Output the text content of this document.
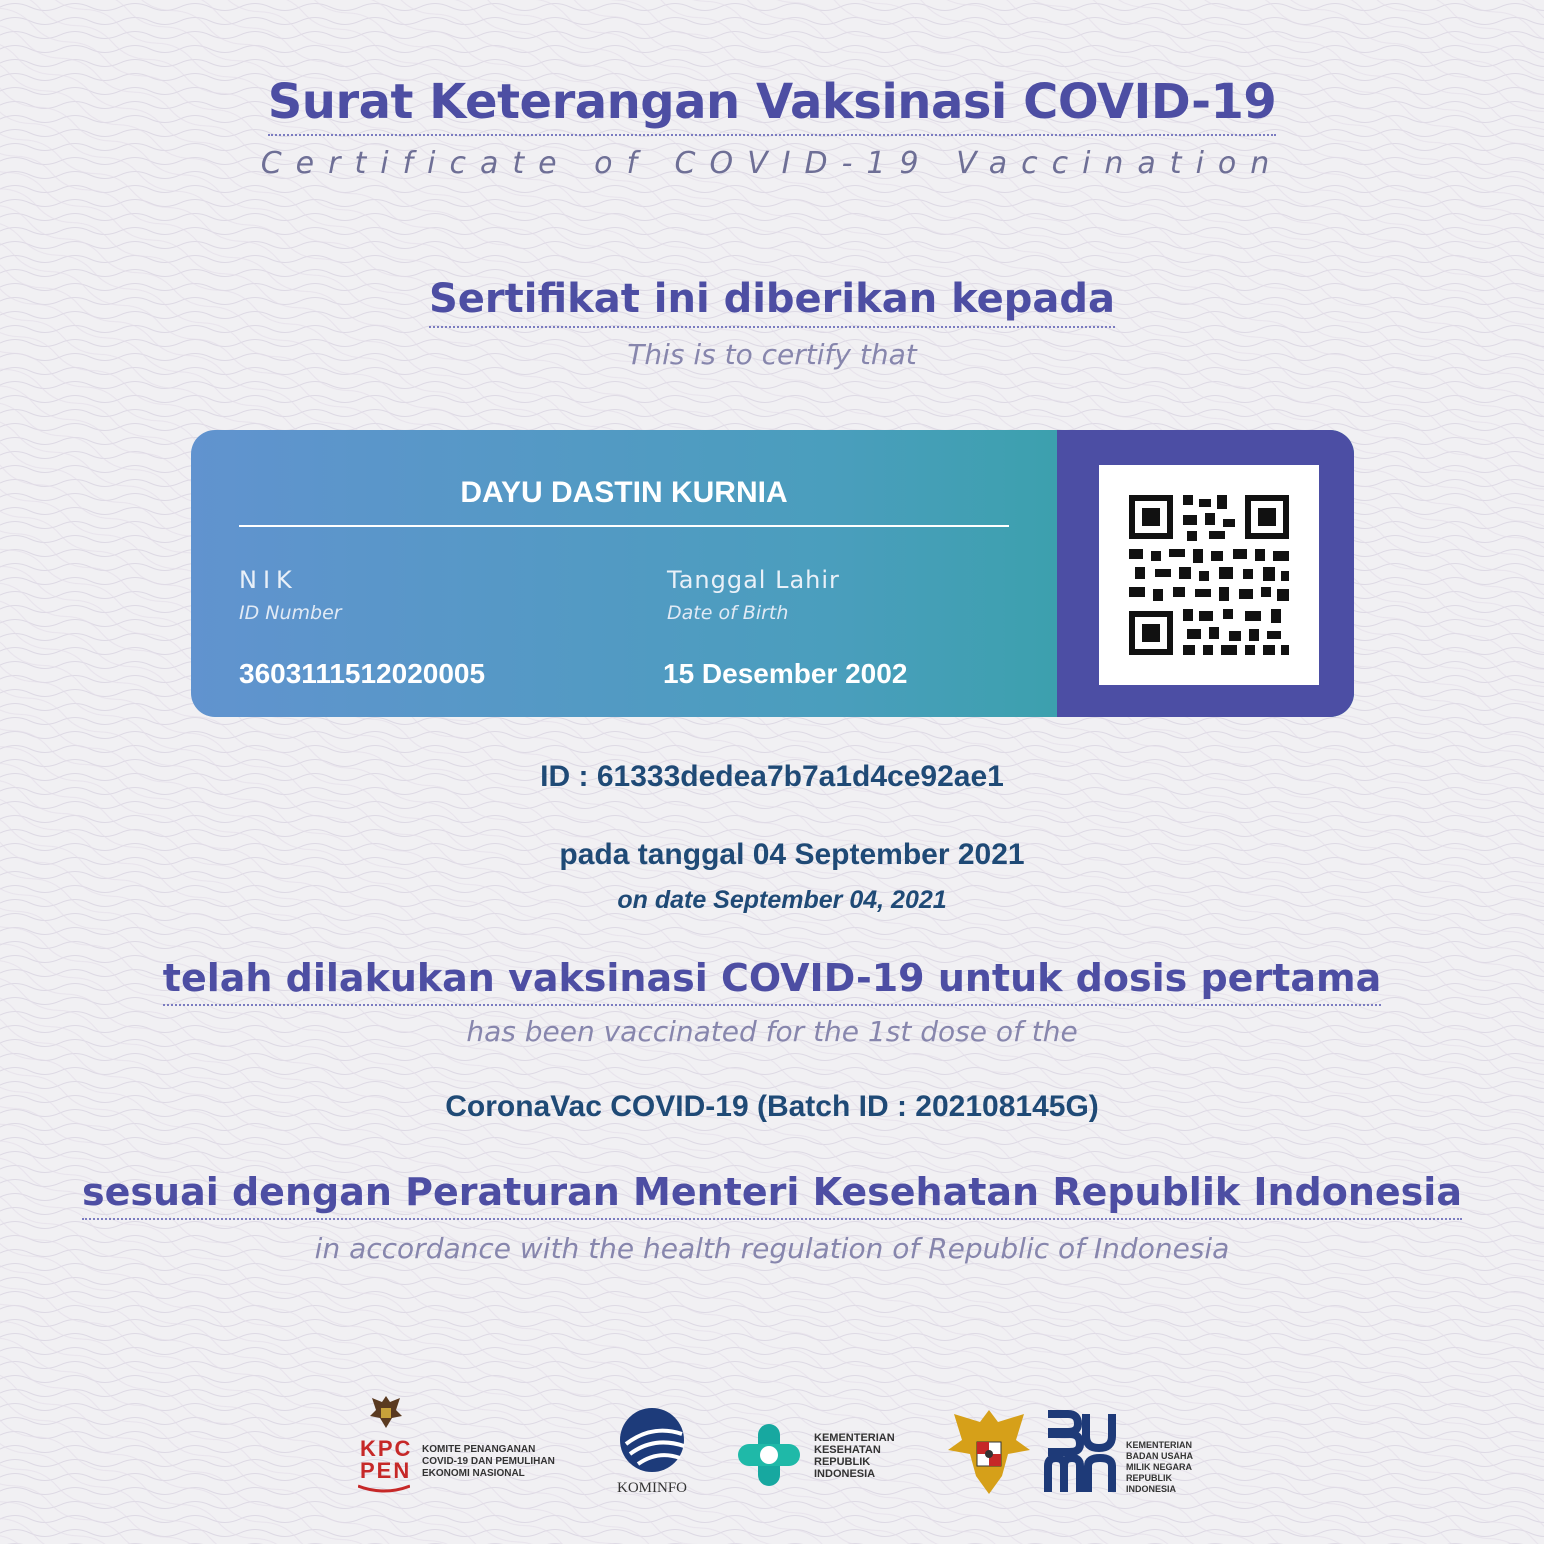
Surat Keterangan Vaksinasi COVID-19
Certificate of COVID-19 Vaccination
Sertifikat ini diberikan kepada
This is to certify that
DAYU DASTIN KURNIA
NIK
ID Number
3603111512020005
Tanggal Lahir
Date of Birth
15 Desember 2002
ID : 61333dedea7b7a1d4ce92ae1
pada tanggal 04 September 2021
on date September 04, 2021
telah dilakukan vaksinasi COVID-19 untuk dosis pertama
has been vaccinated for the 1st dose of the
CoronaVac COVID-19 (Batch ID : 202108145G)
sesuai dengan Peraturan Menteri Kesehatan Republik Indonesia
in accordance with the health regulation of Republic of Indonesia
KPC
PEN
KOMITE PENANGANAN
COVID-19 DAN PEMULIHAN
EKONOMI NASIONAL
KOMINFO
KEMENTERIAN
KESEHATAN
REPUBLIK
INDONESIA
KEMENTERIAN
BADAN USAHA
MILIK NEGARA
REPUBLIK
INDONESIA
